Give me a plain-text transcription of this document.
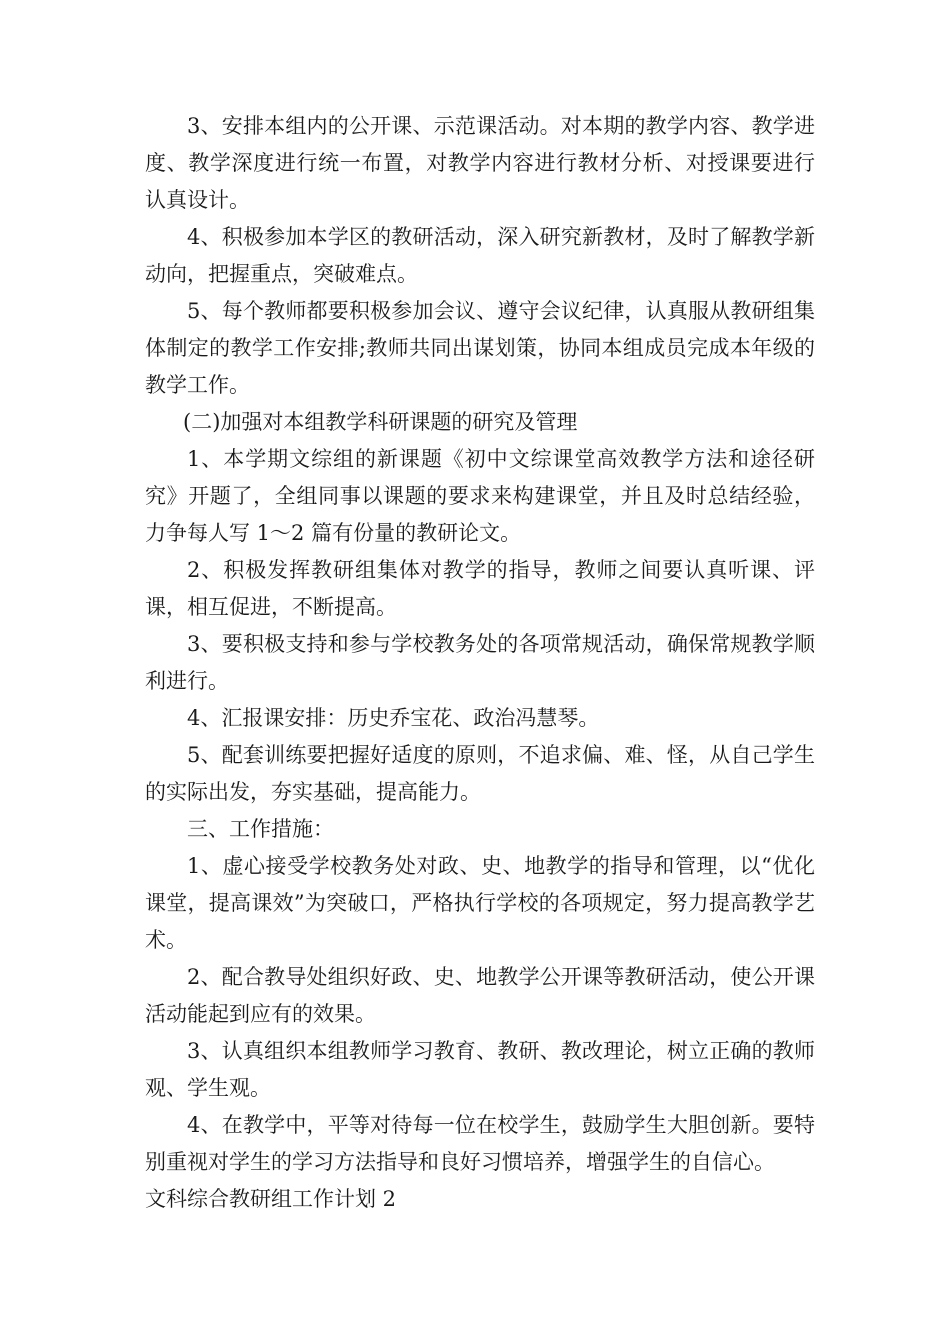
3、安排本组内的公开课、示范课活动。对本期的教学内容、教学进度、教学深度进行统一布置，对教学内容进行教材分析、对授课要进行认真设计。

4、积极参加本学区的教研活动，深入研究新教材，及时了解教学新动向，把握重点，突破难点。

5、每个教师都要积极参加会议、遵守会议纪律，认真服从教研组集体制定的教学工作安排;教师共同出谋划策，协同本组成员完成本年级的教学工作。

(二)加强对本组教学科研课题的研究及管理

1、本学期文综组的新课题《初中文综课堂高效教学方法和途径研究》开题了，全组同事以课题的要求来构建课堂，并且及时总结经验，力争每人写 1～2 篇有份量的教研论文。

2、积极发挥教研组集体对教学的指导，教师之间要认真听课、评课，相互促进，不断提高。

3、要积极支持和参与学校教务处的各项常规活动，确保常规教学顺利进行。

4、汇报课安排：历史乔宝花、政治冯慧琴。

5、配套训练要把握好适度的原则，不追求偏、难、怪，从自己学生的实际出发，夯实基础，提高能力。

三、工作措施：

1、虚心接受学校教务处对政、史、地教学的指导和管理，以“优化课堂，提高课效”为突破口，严格执行学校的各项规定，努力提高教学艺术。

2、配合教导处组织好政、史、地教学公开课等教研活动，使公开课活动能起到应有的效果。

3、认真组织本组教师学习教育、教研、教改理论，树立正确的教师观、学生观。

4、在教学中，平等对待每一位在校学生，鼓励学生大胆创新。要特别重视对学生的学习方法指导和良好习惯培养，增强学生的自信心。

文科综合教研组工作计划 2
